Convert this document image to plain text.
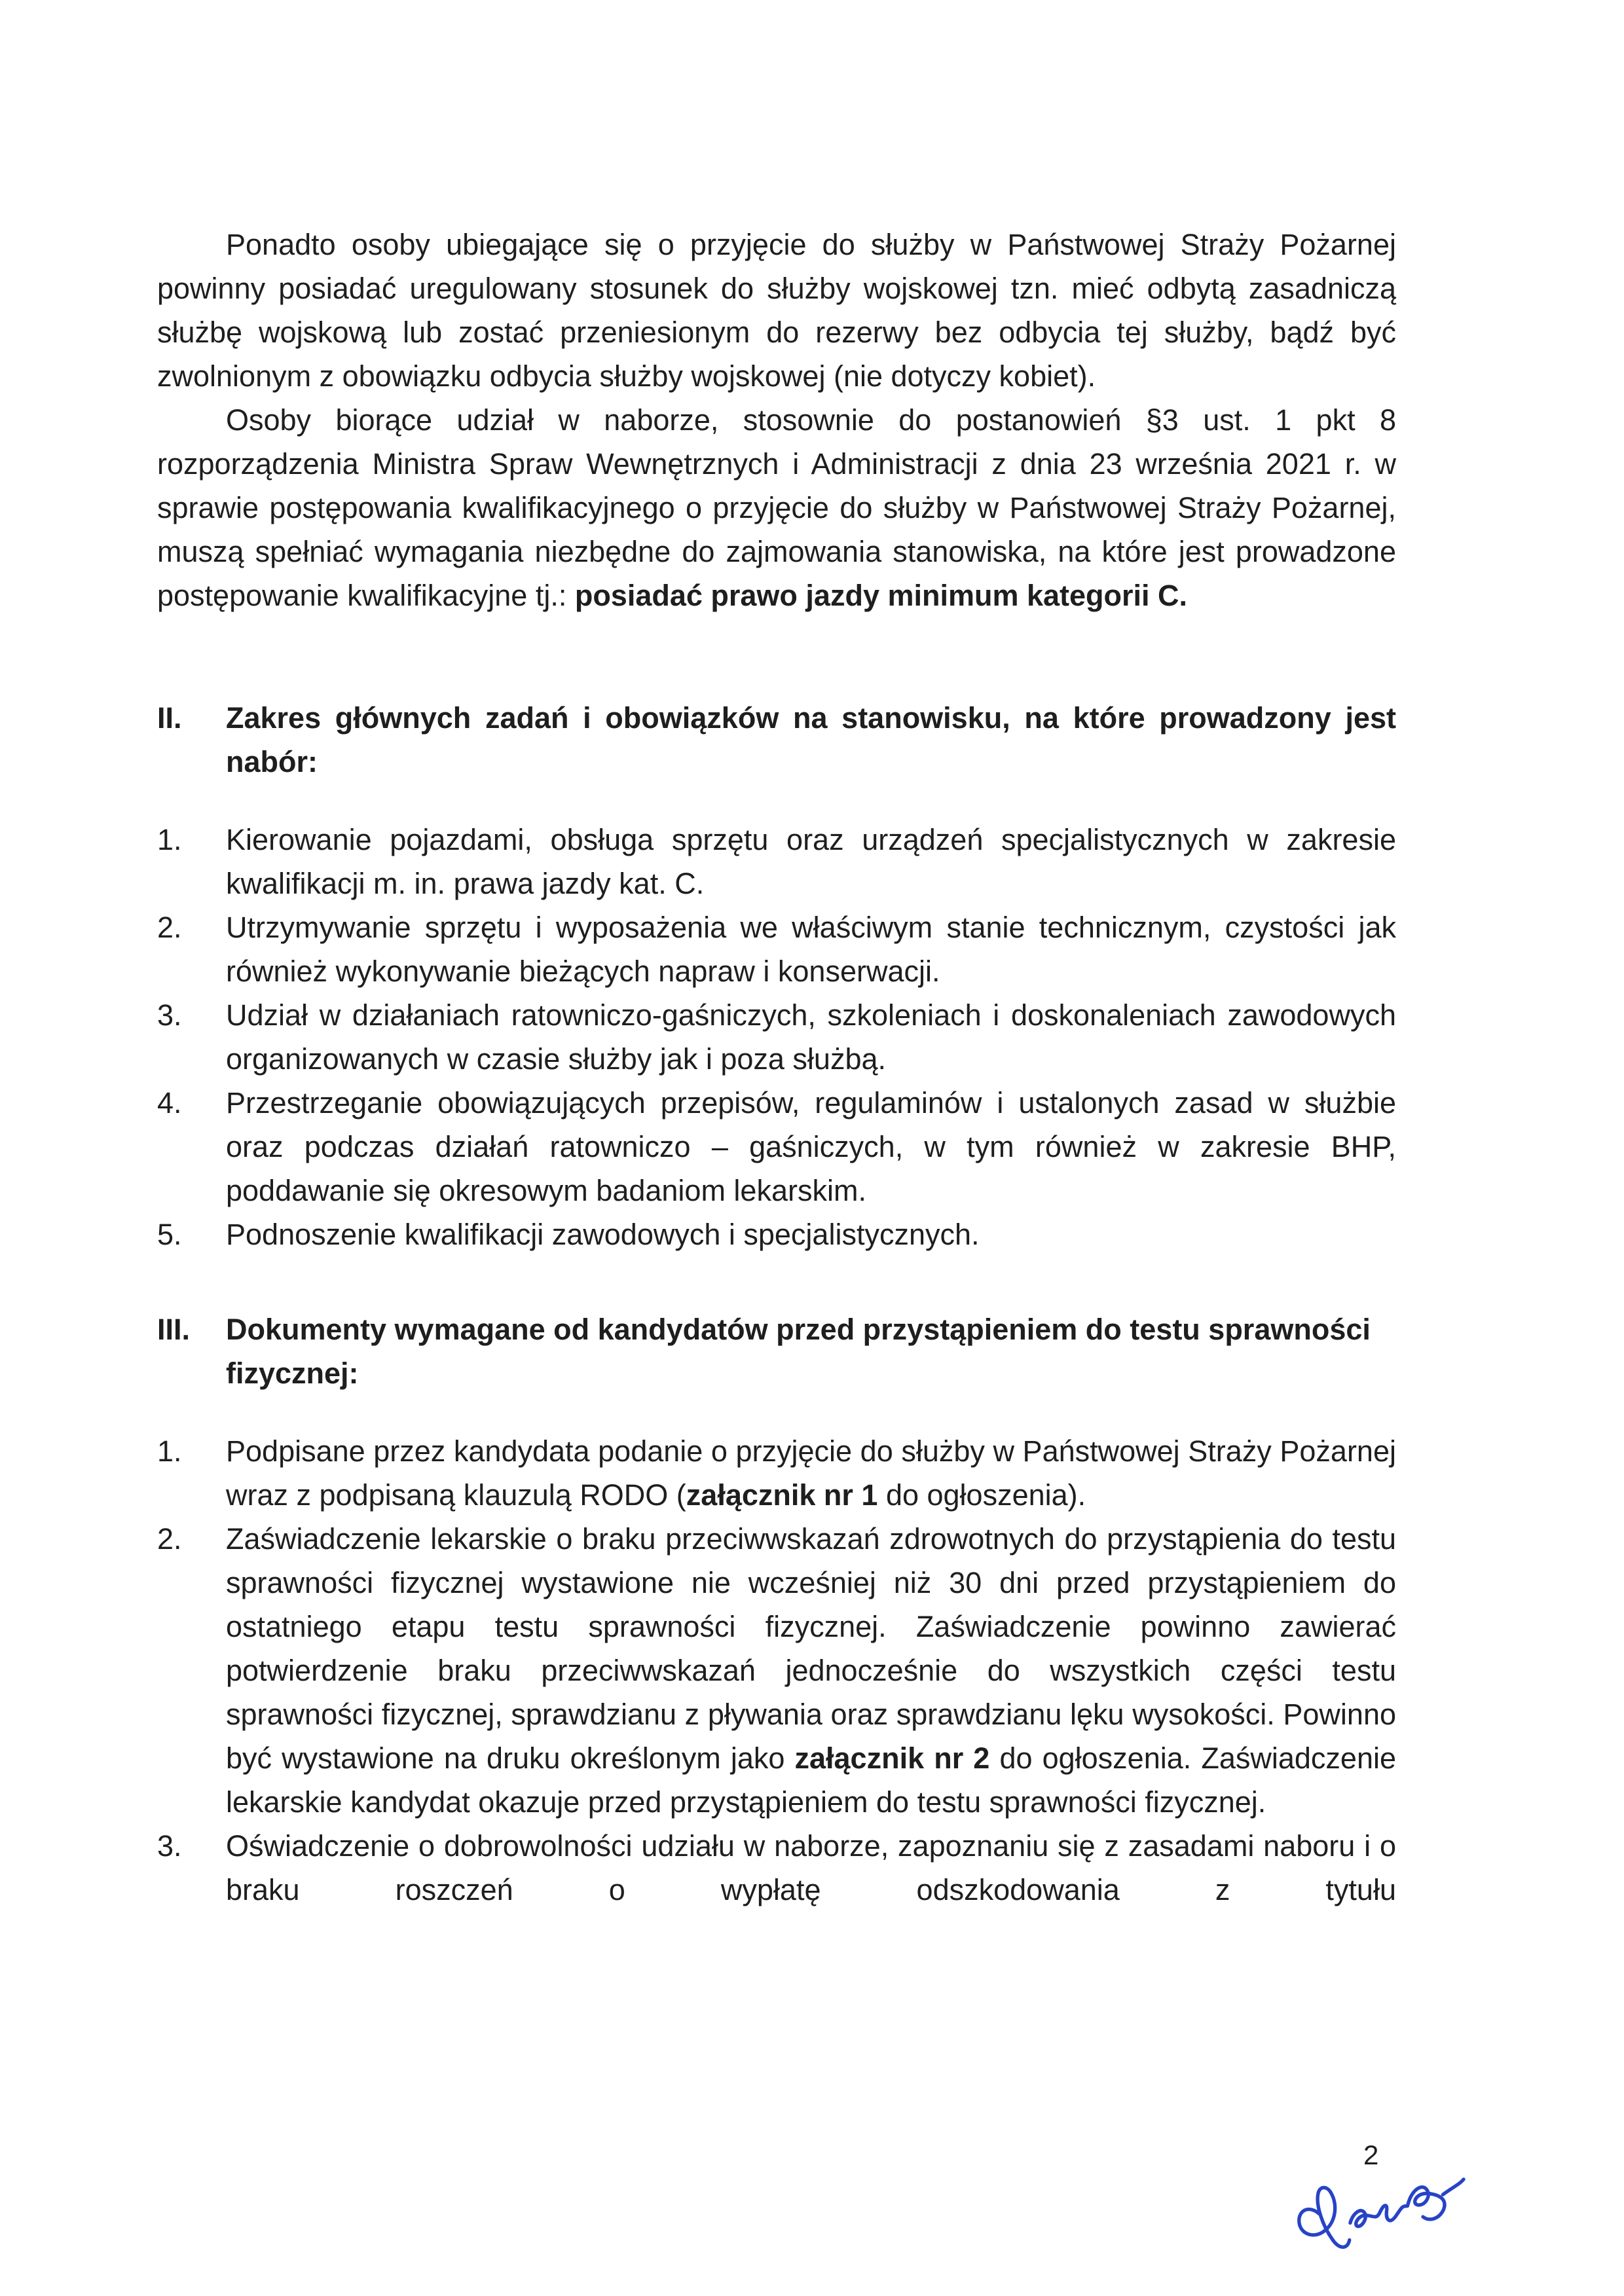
Ponadto osoby ubiegające się o przyjęcie do służby w Państwowej Straży Pożarnej powinny posiadać uregulowany stosunek do służby wojskowej tzn. mieć odbytą zasadniczą służbę wojskową lub zostać przeniesionym do rezerwy bez odbycia tej służby, bądź być zwolnionym z obowiązku odbycia służby wojskowej (nie dotyczy kobiet).

Osoby biorące udział w naborze, stosownie do postanowień §3 ust. 1 pkt 8 rozporządzenia Ministra Spraw Wewnętrznych i Administracji z dnia 23 września 2021 r. w sprawie postępowania kwalifikacyjnego o przyjęcie do służby w Państwowej Straży Pożarnej, muszą spełniać wymagania niezbędne do zajmowania stanowiska, na które jest prowadzone postępowanie kwalifikacyjne tj.: posiadać prawo jazdy minimum kategorii C.

II.	Zakres głównych zadań i obowiązków na stanowisku, na które prowadzony jest nabór:
1.	Kierowanie pojazdami, obsługa sprzętu oraz urządzeń specjalistycznych w zakresie kwalifikacji m. in. prawa jazdy kat. C.
2.	Utrzymywanie sprzętu i wyposażenia we właściwym stanie technicznym, czystości jak również wykonywanie bieżących napraw i konserwacji.
3.	Udział w działaniach ratowniczo-gaśniczych, szkoleniach i doskonaleniach zawodowych organizowanych w czasie służby jak i poza służbą.
4.	Przestrzeganie obowiązujących przepisów, regulaminów i ustalonych zasad w służbie oraz podczas działań ratowniczo – gaśniczych, w tym również w zakresie BHP, poddawanie się okresowym badaniom lekarskim.
5.	Podnoszenie kwalifikacji zawodowych i specjalistycznych.
III.	Dokumenty wymagane od kandydatów przed przystąpieniem do testu sprawności fizycznej:
1.	Podpisane przez kandydata podanie o przyjęcie do służby w Państwowej Straży Pożarnej wraz z podpisaną klauzulą RODO (załącznik nr 1 do ogłoszenia).
2.	Zaświadczenie lekarskie o braku przeciwwskazań zdrowotnych do przystąpienia do testu sprawności fizycznej wystawione nie wcześniej niż 30 dni przed przystąpieniem do ostatniego etapu testu sprawności fizycznej. Zaświadczenie powinno zawierać potwierdzenie braku przeciwwskazań jednocześnie do wszystkich części testu sprawności fizycznej, sprawdzianu z pływania oraz sprawdzianu lęku wysokości. Powinno być wystawione na druku określonym jako załącznik nr 2 do ogłoszenia. Zaświadczenie lekarskie kandydat okazuje przed przystąpieniem do testu sprawności fizycznej.
3.	Oświadczenie o dobrowolności udziału w naborze, zapoznaniu się z zasadami naboru i o braku roszczeń o wypłatę odszkodowania z tytułu
2
